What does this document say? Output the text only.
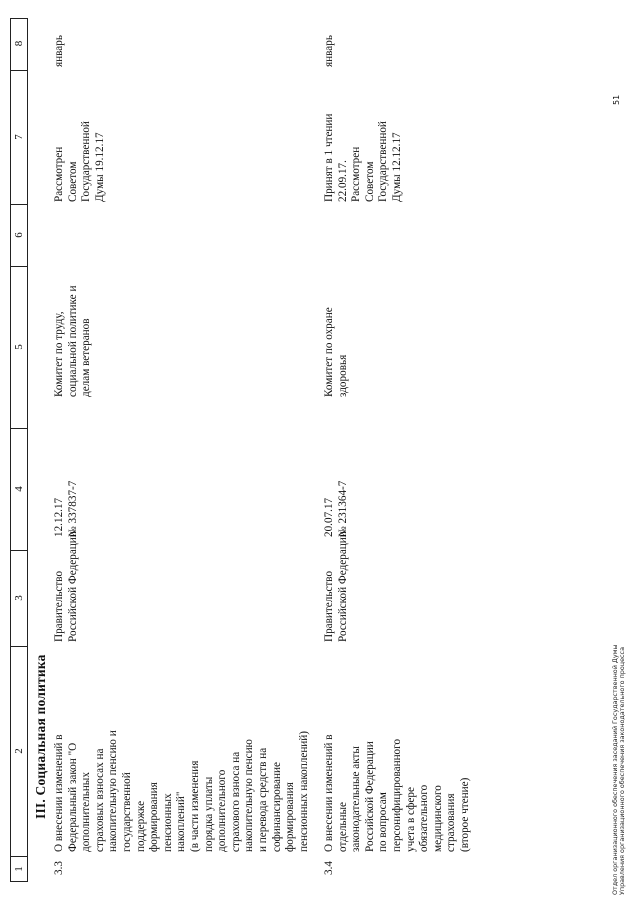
1
2
3
4
5
6
7
8
III. Социальная политика
3.3
О внесении изменений в
Федеральный закон "О
дополнительных
страховых взносах на
накопительную пенсию и
государственной
поддержке
формирования
пенсионных
накоплений"
(в части изменения
порядка уплаты
дополнительного
страхового взноса на
накопительную пенсию
и перевода средств на
софинансирование
формирования
пенсионных накоплений)
Правительство
Российской Федерации
12.12.17
№ 337837-7
Комитет по труду,
социальной политике и
делам ветеранов
Рассмотрен
Советом
Государственной
Думы 19.12.17
январь
3.4
О внесении изменений в
отдельные
законодательные акты
Российской Федерации
по вопросам
персонифицированного
учета в сфере
обязательного
медицинского
страхования
(второе чтение)
Правительство
Российской Федерации
20.07.17
№ 231364-7
Комитет по охране
здоровья
Принят в 1 чтении
22.09.17.
Рассмотрен
Советом
Государственной
Думы 12.12.17
январь
Отдел организационного обеспечения заседаний Государственной Думы Управления организационного обеспечения законодательного процесса
51
